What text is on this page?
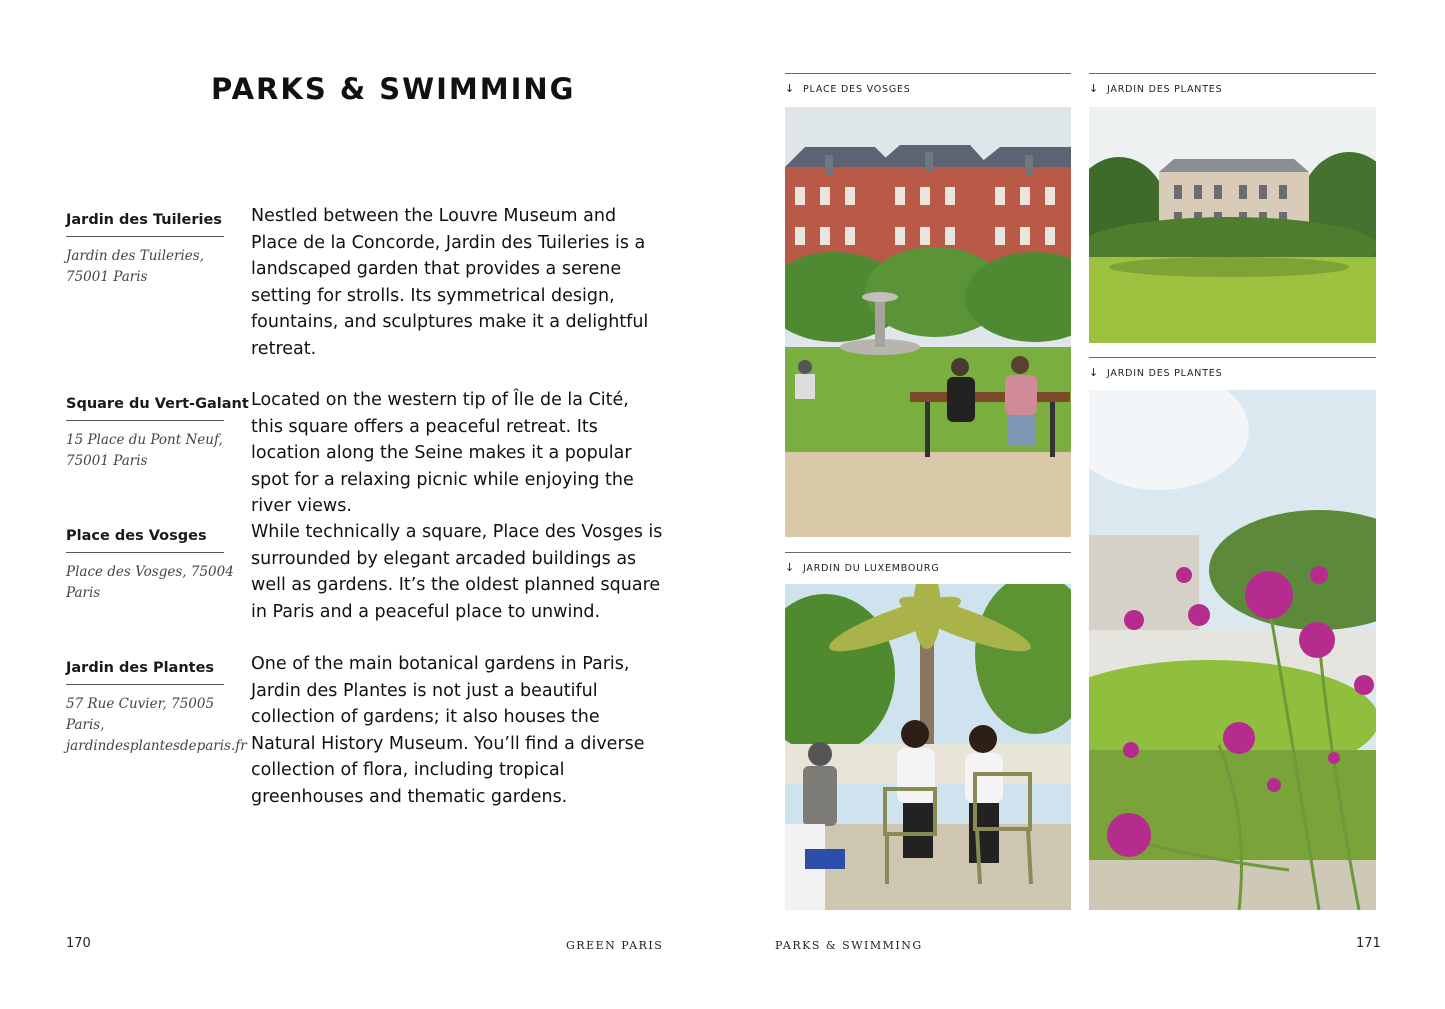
PARKS & SWIMMING
Jardin des Tuileries
Jardin des Tuileries, 75001 Paris

Nestled between the Louvre Museum and Place de la Concorde, Jardin des Tuileries is a landscaped garden that provides a serene setting for strolls. Its symmetrical design, fountains, and sculptures make it a delightful retreat.

Square du Vert-Galant
15 Place du Pont Neuf, 75001 Paris

Located on the western tip of Île de la Cité, this square offers a peaceful retreat. Its location along the Seine makes it a popular spot for a relaxing picnic while enjoying the river views.

Place des Vosges
Place des Vosges, 75004 Paris

While technically a square, Place des Vosges is surrounded by elegant arcaded buildings as well as gardens. It’s the oldest planned square in Paris and a peaceful place to unwind.

Jardin des Plantes
57 Rue Cuvier, 75005 Paris, jardindesplantesdeparis.fr

One of the main botanical gardens in Paris, Jardin des Plantes is not just a beautiful collection of gardens; it also houses the Natural History Museum. You’ll find a diverse collection of flora, including tropical greenhouses and thematic gardens.

170	GREEN PARIS
↓ PLACE DES VOSGES	↓ JARDIN DES PLANTES
↓ JARDIN DES PLANTES
↓ JARDIN DU LUXEMBOURG
PARKS & SWIMMING	171
